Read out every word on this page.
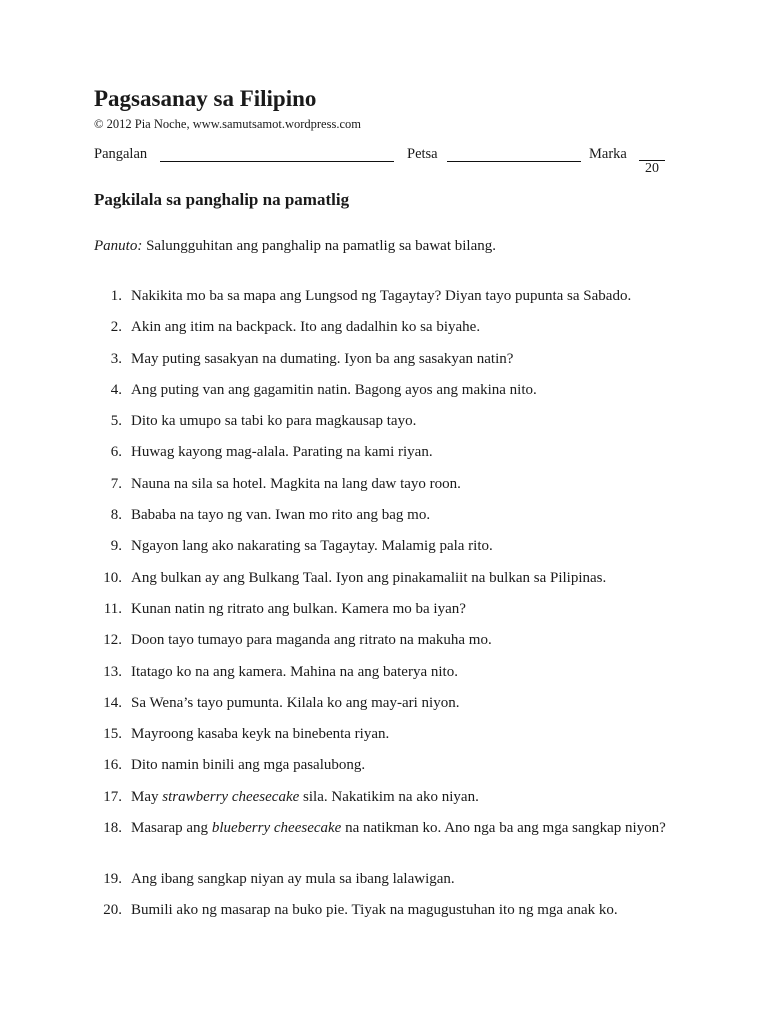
Pagsasanay sa Filipino
© 2012 Pia Noche, www.samutsamot.wordpress.com
Pangalan	Petsa	Marka
20
Pagkilala sa panghalip na pamatlig
Panuto: Salungguhitan ang panghalip na pamatlig sa bawat bilang.
1. Nakikita mo ba sa mapa ang Lungsod ng Tagaytay? Diyan tayo pupunta sa Sabado.
2. Akin ang itim na backpack. Ito ang dadalhin ko sa biyahe.
3. May puting sasakyan na dumating. Iyon ba ang sasakyan natin?
4. Ang puting van ang gagamitin natin. Bagong ayos ang makina nito.
5. Dito ka umupo sa tabi ko para magkausap tayo.
6. Huwag kayong mag-alala. Parating na kami riyan.
7. Nauna na sila sa hotel. Magkita na lang daw tayo roon.
8. Bababa na tayo ng van. Iwan mo rito ang bag mo.
9. Ngayon lang ako nakarating sa Tagaytay. Malamig pala rito.
10. Ang bulkan ay ang Bulkang Taal. Iyon ang pinakamaliit na bulkan sa Pilipinas.
11. Kunan natin ng ritrato ang bulkan. Kamera mo ba iyan?
12. Doon tayo tumayo para maganda ang ritrato na makuha mo.
13. Itatago ko na ang kamera. Mahina na ang baterya nito.
14. Sa Wena’s tayo pumunta. Kilala ko ang may-ari niyon.
15. Mayroong kasaba keyk na binebenta riyan.
16. Dito namin binili ang mga pasalubong.
17. May strawberry cheesecake sila. Nakatikim na ako niyan.
18. Masarap ang blueberry cheesecake na natikman ko. Ano nga ba ang mga sangkap niyon?
19. Ang ibang sangkap niyan ay mula sa ibang lalawigan.
20. Bumili ako ng masarap na buko pie. Tiyak na magugustuhan ito ng mga anak ko.
